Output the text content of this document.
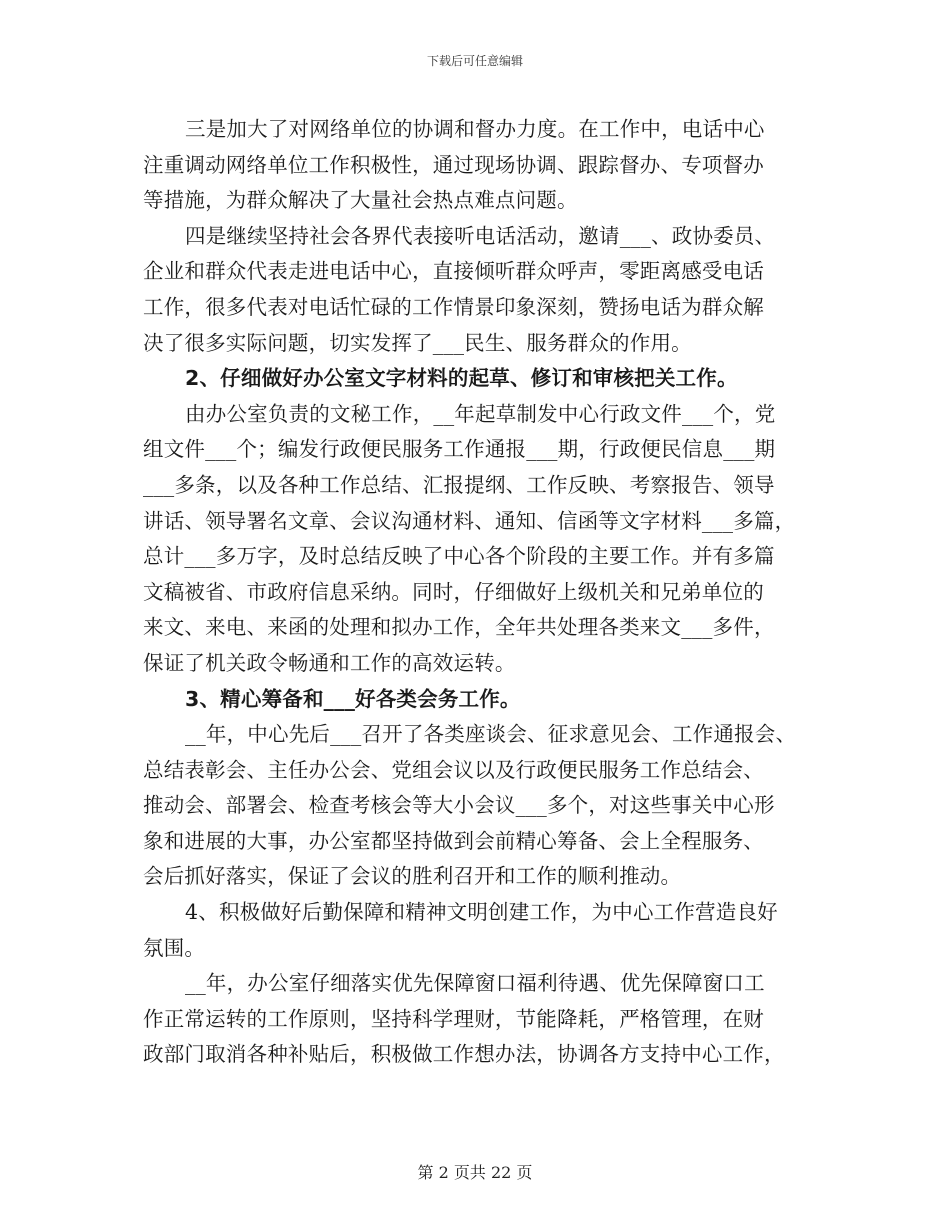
下载后可任意编辑
三是加大了对网络单位的协调和督办力度。在工作中，电话中心
注重调动网络单位工作积极性，通过现场协调、跟踪督办、专项督办
等措施，为群众解决了大量社会热点难点问题。
四是继续坚持社会各界代表接听电话活动，邀请___、政协委员、
企业和群众代表走进电话中心，直接倾听群众呼声，零距离感受电话
工作，很多代表对电话忙碌的工作情景印象深刻，赞扬电话为群众解
决了很多实际问题，切实发挥了___民生、服务群众的作用。
2、仔细做好办公室文字材料的起草、修订和审核把关工作。
由办公室负责的文秘工作，__年起草制发中心行政文件___个，党
组文件___个；编发行政便民服务工作通报___期，行政便民信息___期
___多条，以及各种工作总结、汇报提纲、工作反映、考察报告、领导
讲话、领导署名文章、会议沟通材料、通知、信函等文字材料___多篇，
总计___多万字，及时总结反映了中心各个阶段的主要工作。并有多篇
文稿被省、市政府信息采纳。同时，仔细做好上级机关和兄弟单位的
来文、来电、来函的处理和拟办工作，全年共处理各类来文___多件，
保证了机关政令畅通和工作的高效运转。
3、精心筹备和___好各类会务工作。
__年，中心先后___召开了各类座谈会、征求意见会、工作通报会、
总结表彰会、主任办公会、党组会议以及行政便民服务工作总结会、
推动会、部署会、检查考核会等大小会议___多个，对这些事关中心形
象和进展的大事，办公室都坚持做到会前精心筹备、会上全程服务、
会后抓好落实，保证了会议的胜利召开和工作的顺利推动。
4、积极做好后勤保障和精神文明创建工作，为中心工作营造良好
氛围。
__年，办公室仔细落实优先保障窗口福利待遇、优先保障窗口工
作正常运转的工作原则，坚持科学理财，节能降耗，严格管理，在财
政部门取消各种补贴后，积极做工作想办法，协调各方支持中心工作，
第 2 页共 22 页
